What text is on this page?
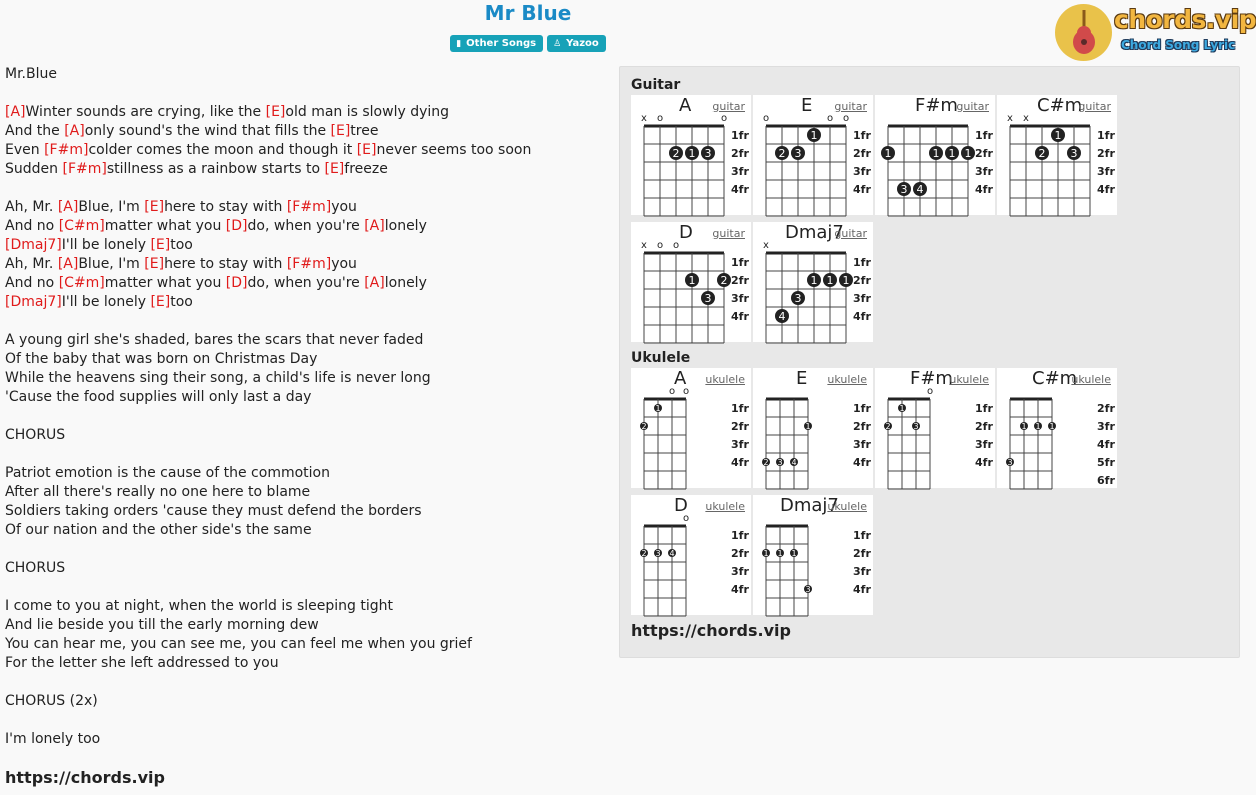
Mr Blue
▮ Other Songs ♙ Yazoo
chords.vip
Chord Song Lyric
Mr.Blue
[A]Winter sounds are crying, like the [E]old man is slowly dying
And the [A]only sound's the wind that fills the [E]tree
Even [F#m]colder comes the moon and though it [E]never seems too soon
Sudden [F#m]stillness as a rainbow starts to [E]freeze
Ah, Mr. [A]Blue, I'm [E]here to stay with [F#m]you
And no [C#m]matter what you [D]do, when you're [A]lonely
[Dmaj7]I'll be lonely [E]too
Ah, Mr. [A]Blue, I'm [E]here to stay with [F#m]you
And no [C#m]matter what you [D]do, when you're [A]lonely
[Dmaj7]I'll be lonely [E]too
A young girl she's shaded, bares the scars that never faded
Of the baby that was born on Christmas Day
While the heavens sing their song, a child's life is never long
'Cause the food supplies will only last a day
CHORUS
Patriot emotion is the cause of the commotion
After all there's really no one here to blame
Soldiers taking orders 'cause they must defend the borders
Of our nation and the other side's the same
CHORUS
I come to you at night, when the world is sleeping tight
And lie beside you till the early morning dew
You can hear me, you can see me, you can feel me when you grief
For the letter she left addressed to you
CHORUS (2x)
I'm lonely too
https://chords.vip
Guitar
Ukulele
https://chords.vip
1fr
2fr
3fr
4fr
x o	o
2 1 3
A guitar
1fr
2fr
3fr
4fr
o	o o
1
2 3
E guitar
1fr
2fr
3fr
4fr
1	1 1 1
3 4
F#m
guitar
1fr
2fr
3fr
4fr
x x
1
2 3
C#m
guitar
1fr
2fr
3fr
4fr
x o o
1 2
3
D guitar
1fr
2fr
3fr
4fr
x
1 1 1
3
4
Dmaj7
guitar
1fr
2fr
3fr
4fr
o o
1
2
A ukulele
1fr
2fr
3fr
4fr
1
2 3 4
E ukulele
1fr
2fr
3fr
4fr
o
1
2	3
F#m
ukulele
2fr
3fr
4fr
5fr
6fr
1 1 1
3
C#m
ukulele
1fr
2fr
3fr
4fr
o
2 3 4
D ukulele
1fr
2fr
3fr
4fr
1 1 1
3
Dmaj7
ukulele
